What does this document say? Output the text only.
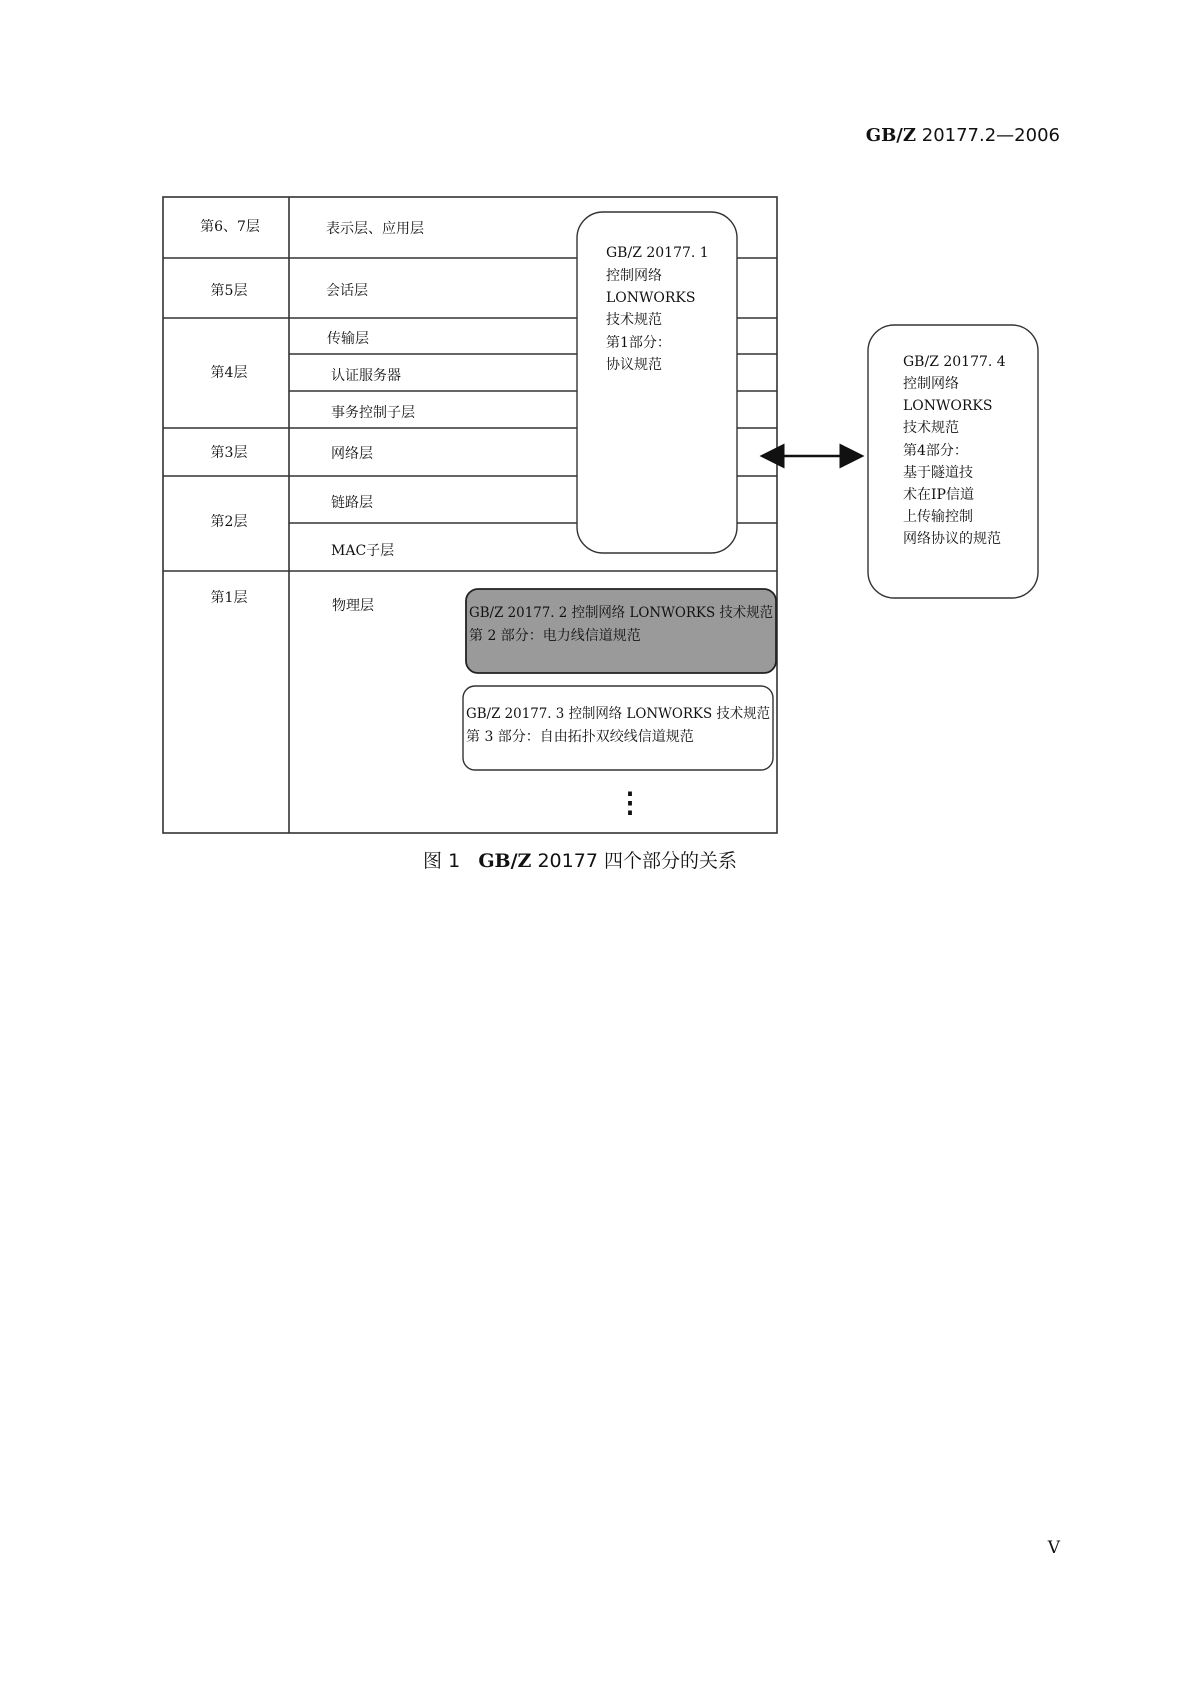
GB/Z 20177.2—2006
第6、7层
第5层
第4层
第3层
第2层
第1层
表示层、应用层
会话层
传输层
认证服务器
事务控制子层
网络层
链路层
MAC子层
物理层
GB/Z 20177. 1
控制网络
LONWORKS
技术规范
第1部分：
协议规范
GB/Z 20177. 2 控制网络 LONWORKS 技术规范
第 2 部分：电力线信道规范
GB/Z 20177. 3 控制网络 LONWORKS 技术规范
第 3 部分：自由拓扑双绞线信道规范
⋮
GB/Z 20177. 4
控制网络
LONWORKS
技术规范
第4部分：
基于隧道技
术在IP信道
上传输控制
网络协议的规范
图 1 GB/Z 20177 四个部分的关系
V
